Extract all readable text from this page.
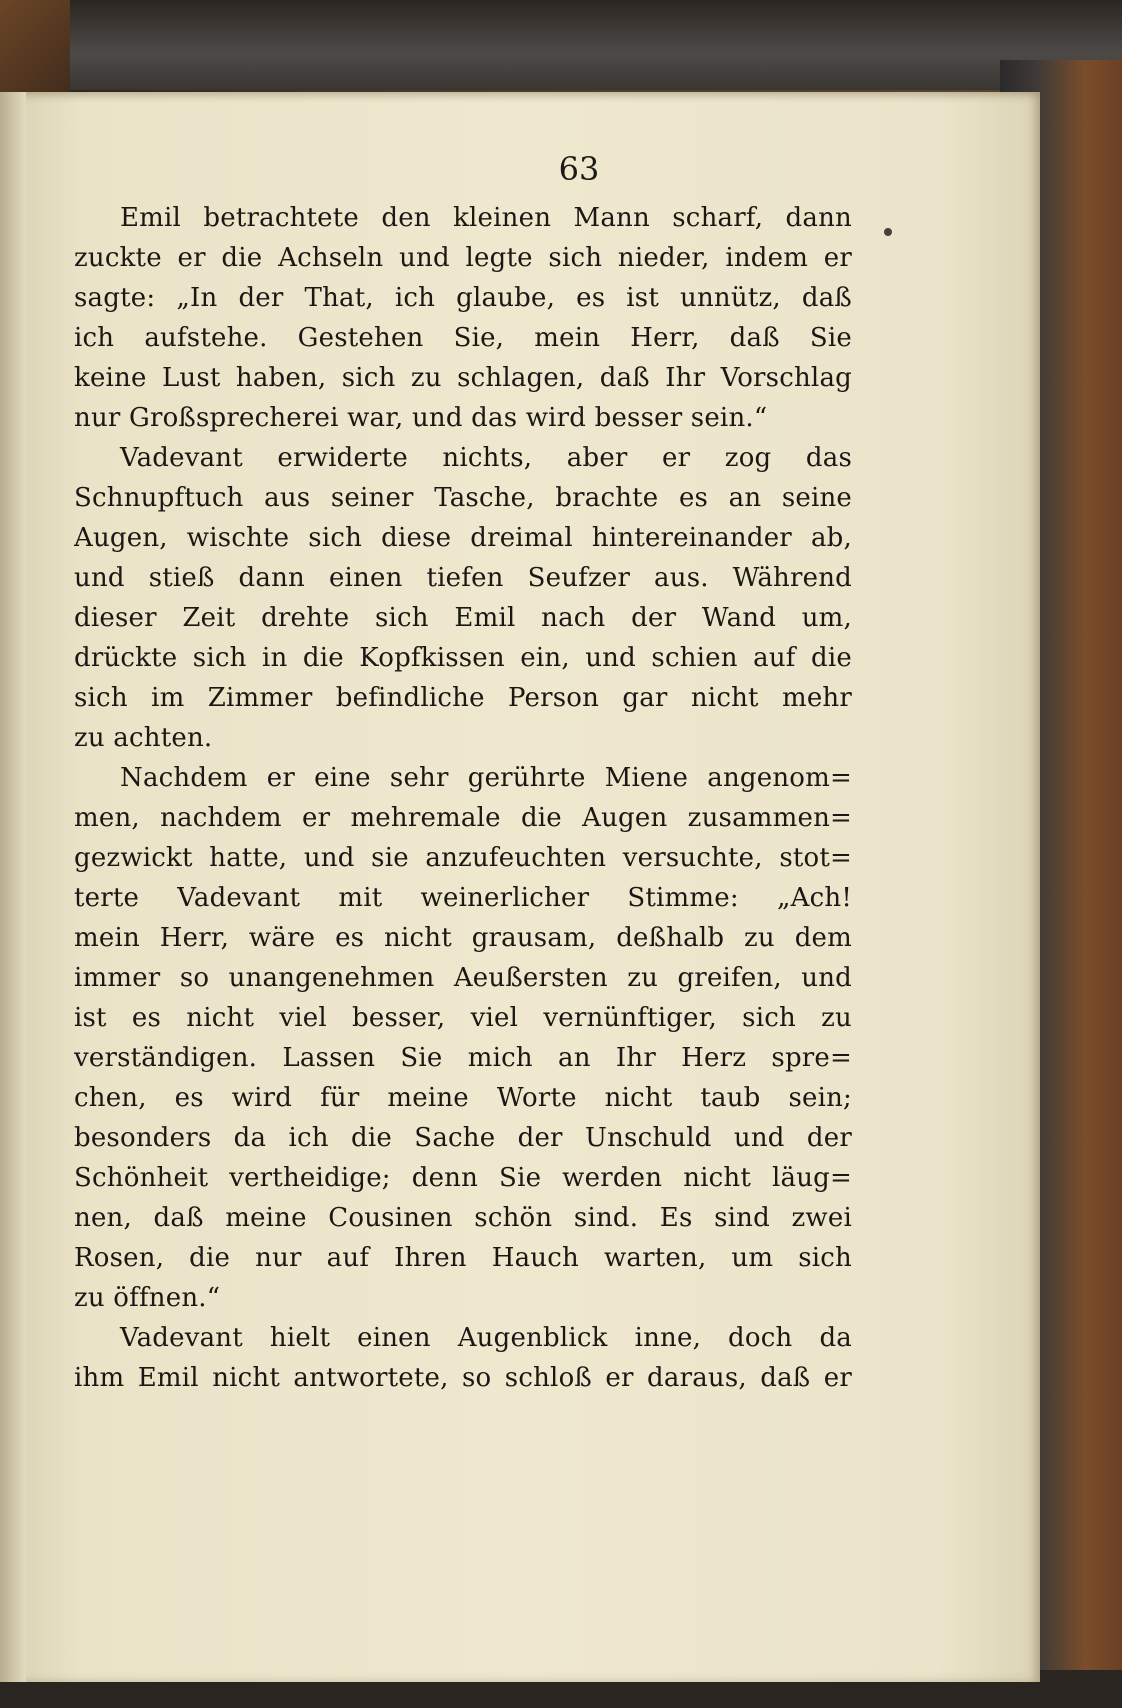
63

Emil betrachtete den kleinen Mann scharf, dann
zuckte er die Achseln und legte sich nieder, indem er
sagte: „In der That, ich glaube, es ist unnütz, daß
ich aufstehe. Gestehen Sie, mein Herr, daß Sie
keine Lust haben, sich zu schlagen, daß Ihr Vorschlag
nur Großsprecherei war, und das wird besser sein.“

Vadevant erwiderte nichts, aber er zog das
Schnupftuch aus seiner Tasche, brachte es an seine
Augen, wischte sich diese dreimal hintereinander ab,
und stieß dann einen tiefen Seufzer aus. Während
dieser Zeit drehte sich Emil nach der Wand um,
drückte sich in die Kopfkissen ein, und schien auf die
sich im Zimmer befindliche Person gar nicht mehr
zu achten.

Nachdem er eine sehr gerührte Miene angenom=
men, nachdem er mehremale die Augen zusammen=
gezwickt hatte, und sie anzufeuchten versuchte, stot=
terte Vadevant mit weinerlicher Stimme: „Ach!
mein Herr, wäre es nicht grausam, deßhalb zu dem
immer so unangenehmen Aeußersten zu greifen, und
ist es nicht viel besser, viel vernünftiger, sich zu
verständigen. Lassen Sie mich an Ihr Herz spre=
chen, es wird für meine Worte nicht taub sein;
besonders da ich die Sache der Unschuld und der
Schönheit vertheidige; denn Sie werden nicht läug=
nen, daß meine Cousinen schön sind. Es sind zwei
Rosen, die nur auf Ihren Hauch warten, um sich
zu öffnen.“

Vadevant hielt einen Augenblick inne, doch da
ihm Emil nicht antwortete, so schloß er daraus, daß er
